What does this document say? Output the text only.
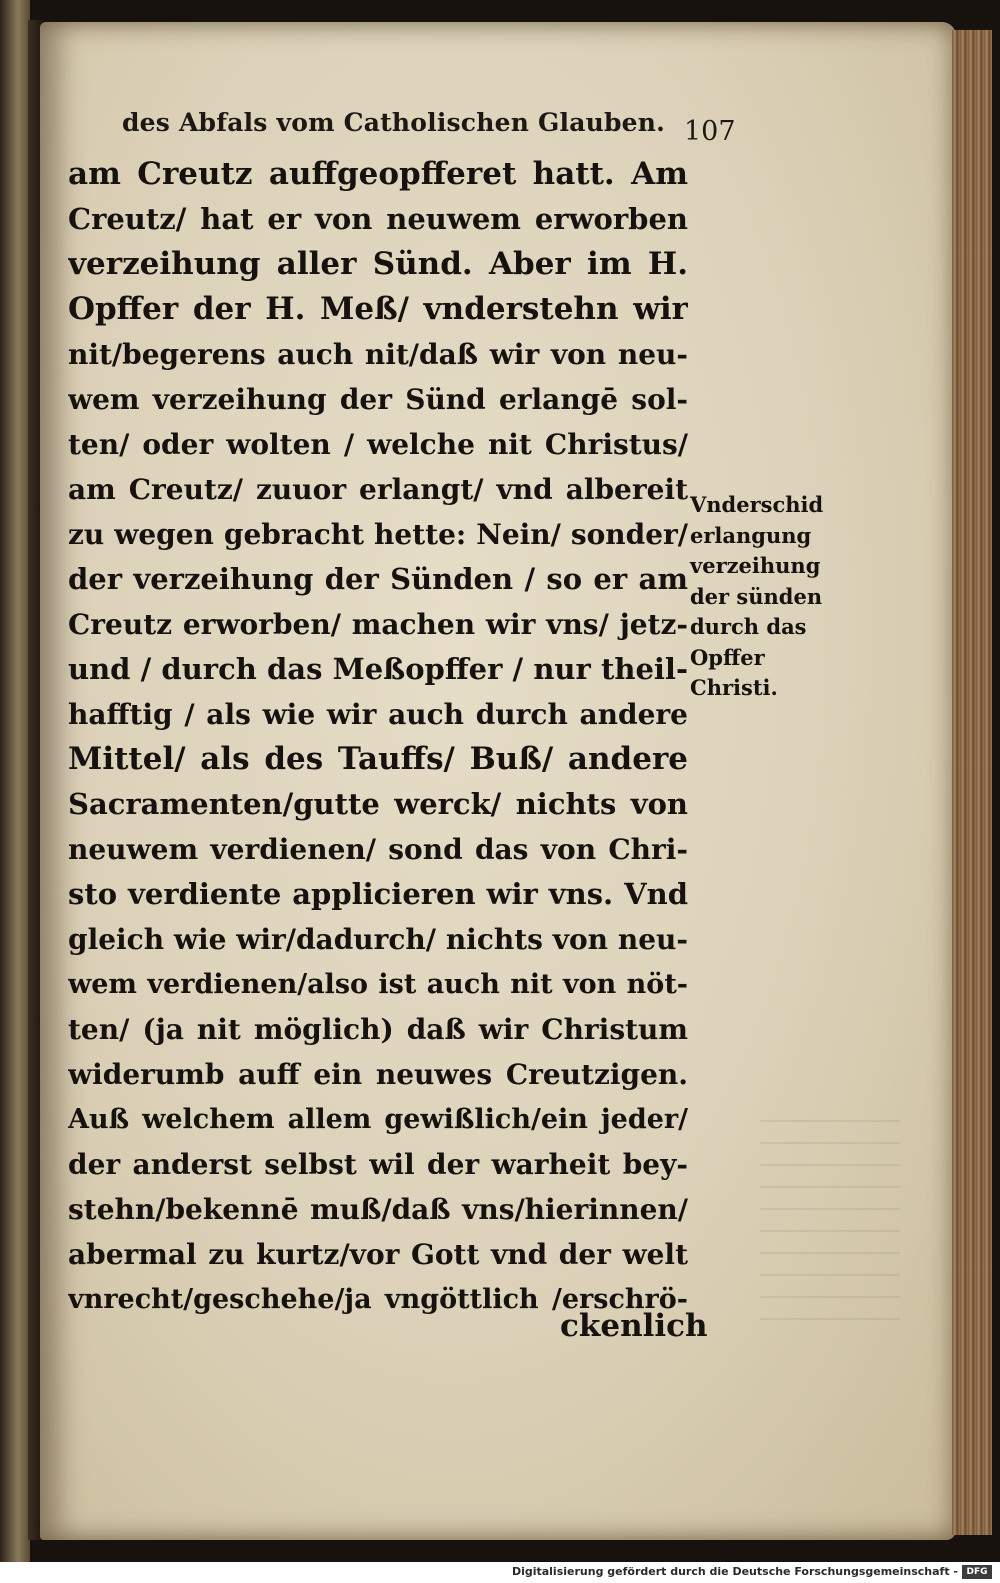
des Abfals vom Catholischen Glauben. 107
am Creutz auffgeopfferet hatt. Am
Creutz/ hat er von neuwem erworben
verzeihung aller Sünd. Aber im H.
Opffer der H. Meß/ vnderstehn wir
nit/begerens auch nit/daß wir von neu-
wem verzeihung der Sünd erlangē sol-
ten/ oder wolten / welche nit Christus/
am Creutz/ zuuor erlangt/ vnd albereit
zu wegen gebracht hette: Nein/ sonder/
der verzeihung der Sünden / so er am
Creutz erworben/ machen wir vns/ jetz-
und / durch das Meßopffer / nur theil-
hafftig / als wie wir auch durch andere
Mittel/ als des Tauffs/ Buß/ andere
Sacramenten/gutte werck/ nichts von
neuwem verdienen/ sond das von Chri-
sto verdiente applicieren wir vns. Vnd
gleich wie wir/dadurch/ nichts von neu-
wem verdienen/also ist auch nit von nöt-
ten/ (ja nit möglich) daß wir Christum
widerumb auff ein neuwes Creutzigen.
Auß welchem allem gewißlich/ein jeder/
der anderst selbst wil der warheit bey-
stehn/bekennē muß/daß vns/hierinnen/
abermal zu kurtz/vor Gott vnd der welt
vnrecht/geschehe/ja vngöttlich /erschrö-
ckenlich
Vnderschid
erlangung
verzeihung
der sünden
durch das
Opffer
Christi.
Digitalisierung gefördert durch die Deutsche Forschungsgemeinschaft - DFG
